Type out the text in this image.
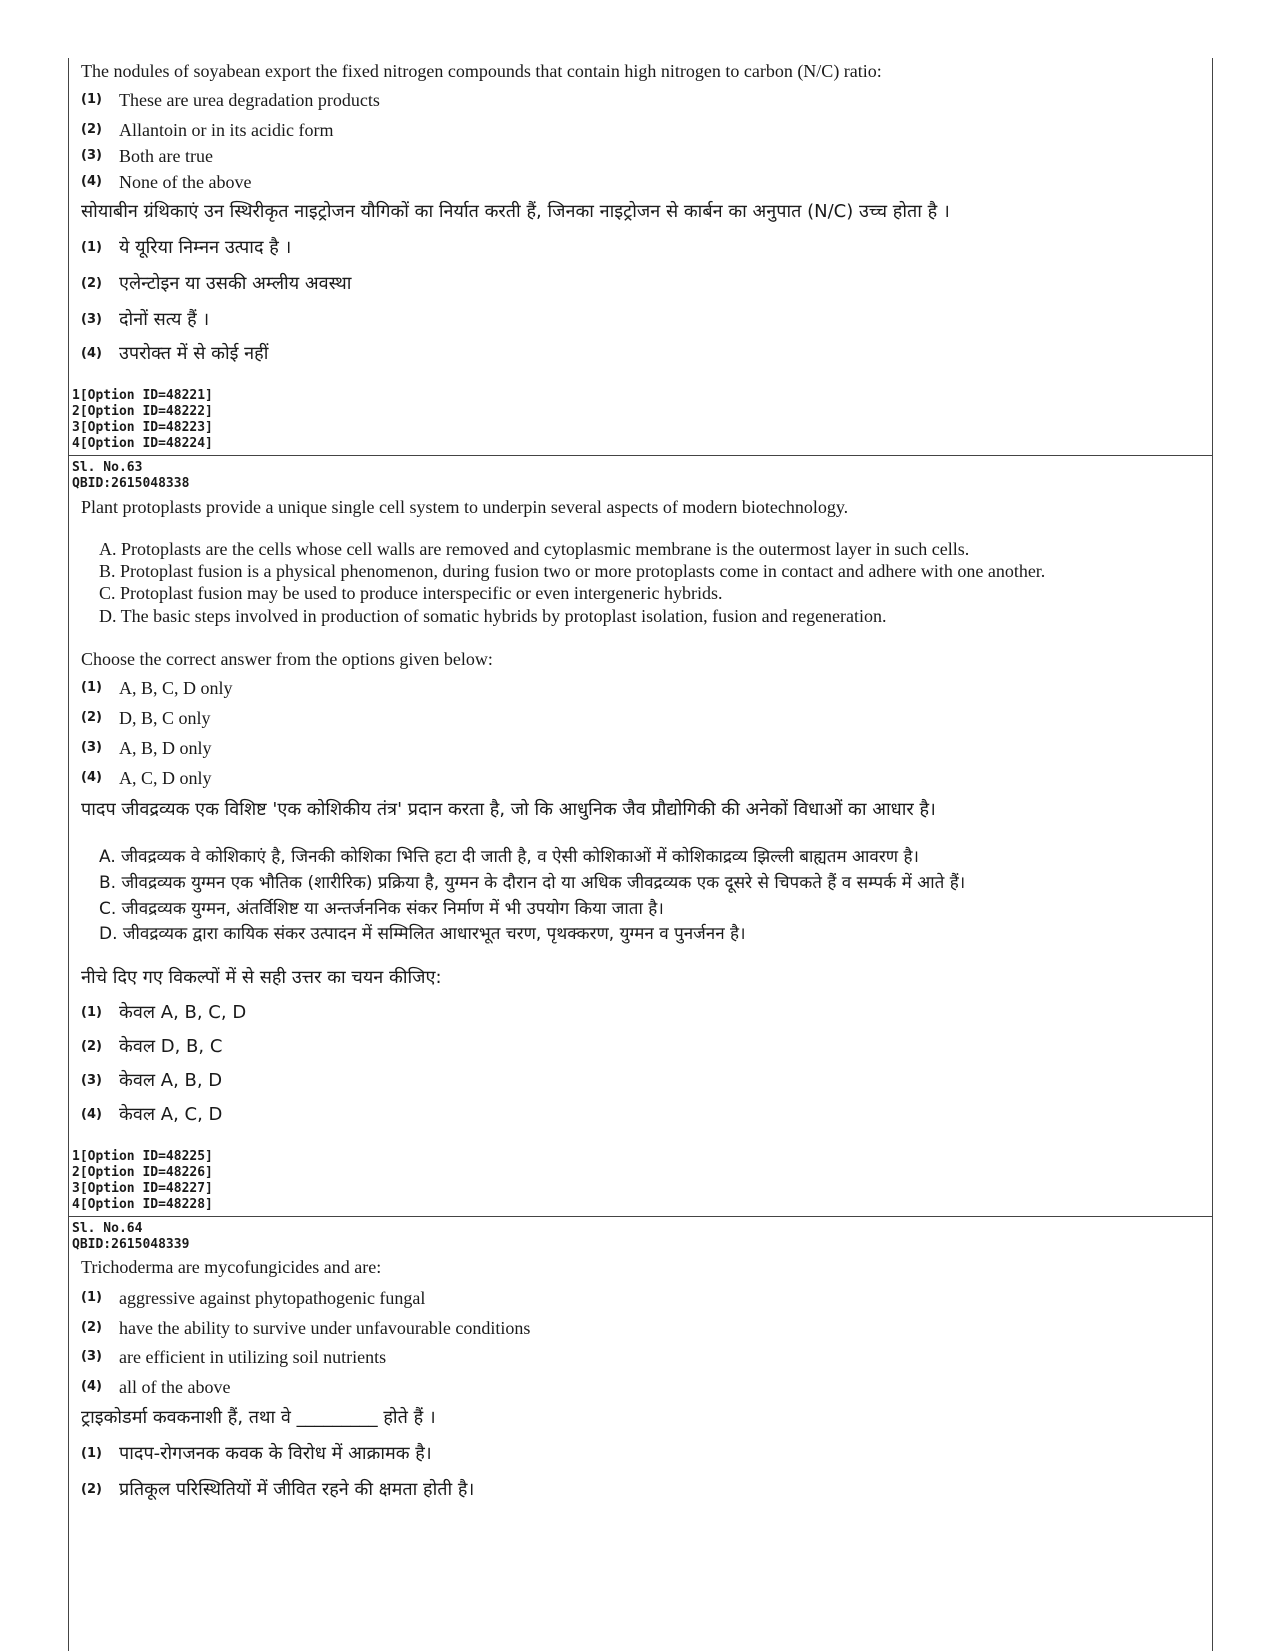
The nodules of soyabean export the fixed nitrogen compounds that contain high nitrogen to carbon (N/C) ratio:
(1) These are urea degradation products
(2) Allantoin or in its acidic form
(3) Both are true
(4) None of the above
सोयाबीन ग्रंथिकाएं उन स्थिरीकृत नाइट्रोजन यौगिकों का निर्यात करती हैं, जिनका नाइट्रोजन से कार्बन का अनुपात (N/C) उच्च होता है ।
(1) ये यूरिया निम्नन उत्पाद है ।
(2) एलेन्टोइन या उसकी अम्लीय अवस्था
(3) दोनों सत्य हैं ।
(4) उपरोक्त में से कोई नहीं
1[Option ID=48221]
2[Option ID=48222]
3[Option ID=48223]
4[Option ID=48224]
Sl. No.63
QBID:2615048338
Plant protoplasts provide a unique single cell system to underpin several aspects of modern biotechnology.
A. Protoplasts are the cells whose cell walls are removed and cytoplasmic membrane is the outermost layer in such cells.
B. Protoplast fusion is a physical phenomenon, during fusion two or more protoplasts come in contact and adhere with one another.
C. Protoplast fusion may be used to produce interspecific or even intergeneric hybrids.
D. The basic steps involved in production of somatic hybrids by protoplast isolation, fusion and regeneration.
Choose the correct answer from the options given below:
(1) A, B, C, D only
(2) D, B, C only
(3) A, B, D only
(4) A, C, D only
पादप जीवद्रव्यक एक विशिष्ट 'एक कोशिकीय तंत्र' प्रदान करता है, जो कि आधुनिक जैव प्रौद्योगिकी की अनेकों विधाओं का आधार है।
A. जीवद्रव्यक वे कोशिकाएं है, जिनकी कोशिका भित्ति हटा दी जाती है, व ऐसी कोशिकाओं में कोशिकाद्रव्य झिल्ली बाह्यतम आवरण है।
B. जीवद्रव्यक युग्मन एक भौतिक (शारीरिक) प्रक्रिया है, युग्मन के दौरान दो या अधिक जीवद्रव्यक एक दूसरे से चिपकते हैं व सम्पर्क में आते हैं।
C. जीवद्रव्यक युग्मन, अंतर्विशिष्ट या अन्तर्जननिक संकर निर्माण में भी उपयोग किया जाता है।
D. जीवद्रव्यक द्वारा कायिक संकर उत्पादन में सम्मिलित आधारभूत चरण, पृथक्करण, युग्मन व पुनर्जनन है।
नीचे दिए गए विकल्पों में से सही उत्तर का चयन कीजिए:
(1) केवल A, B, C, D
(2) केवल D, B, C
(3) केवल A, B, D
(4) केवल A, C, D
1[Option ID=48225]
2[Option ID=48226]
3[Option ID=48227]
4[Option ID=48228]
Sl. No.64
QBID:2615048339
Trichoderma are mycofungicides and are:
(1) aggressive against phytopathogenic fungal
(2) have the ability to survive under unfavourable conditions
(3) are efficient in utilizing soil nutrients
(4) all of the above
ट्राइकोडर्मा कवकनाशी हैं, तथा वे _________ होते हैं ।
(1) पादप-रोगजनक कवक के विरोध में आक्रामक है।
(2) प्रतिकूल परिस्थितियों में जीवित रहने की क्षमता होती है।
